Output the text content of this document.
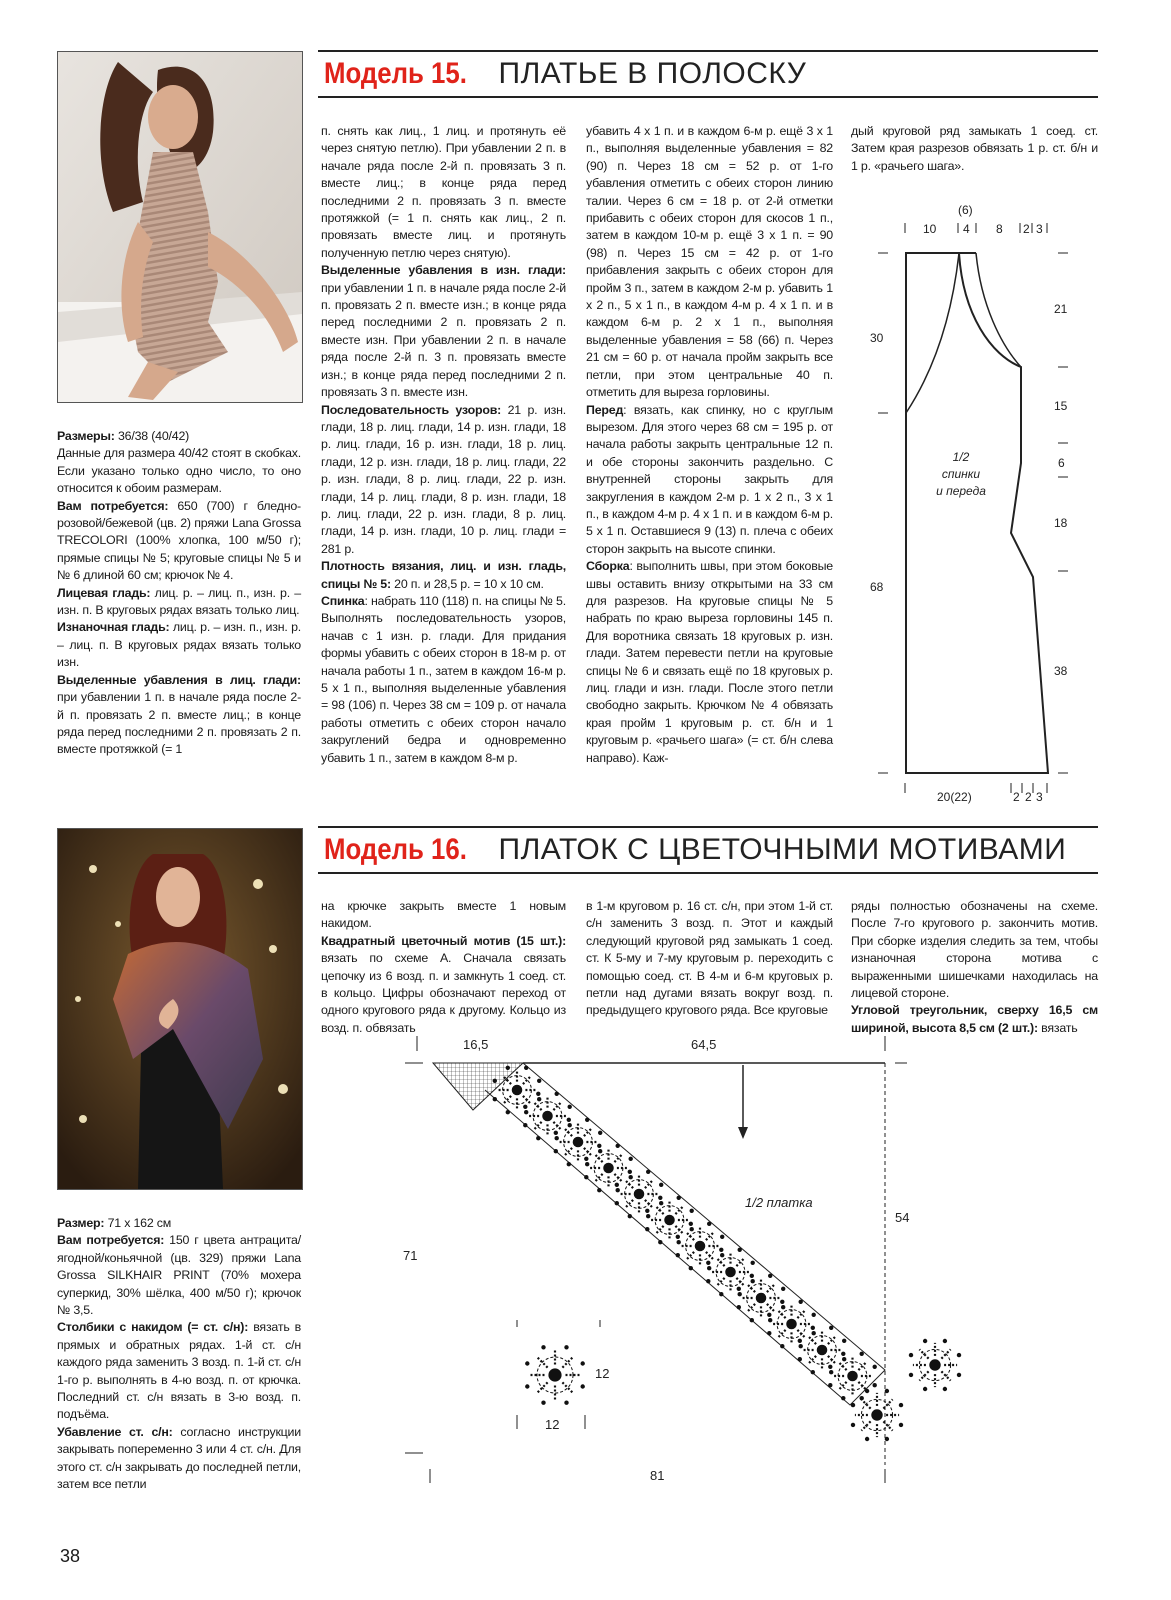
Модель 15. ПЛАТЬЕ В ПОЛОСКУ

Размеры: 36/38 (40/42)

Данные для размера 40/42 стоят в скобках. Если указано только одно число, то оно относится к обоим размерам.

Вам потребуется: 650 (700) г бледно-розовой/бежевой (цв. 2) пряжи Lana Grossa TRECOLORI (100% хлопка, 100 м/50 г); прямые спицы № 5; круговые спицы № 5 и № 6 длиной 60 см; крючок № 4.

Лицевая гладь: лиц. р. – лиц. п., изн. р. – изн. п. В круговых рядах вязать только лиц.

Изнаночная гладь: лиц. р. – изн. п., изн. р. – лиц. п. В круговых рядах вязать только изн.

Выделенные убавления в лиц. глади: при убавлении 1 п. в начале ряда после 2-й п. провязать 2 п. вместе лиц.; в конце ряда перед последними 2 п. провязать 2 п. вместе протяжкой (= 1

п. снять как лиц., 1 лиц. и протянуть её через снятую петлю). При убавлении 2 п. в начале ряда после 2-й п. провязать 3 п. вместе лиц.; в конце ряда перед последними 2 п. провязать 3 п. вместе протяжкой (= 1 п. снять как лиц., 2 п. провязать вместе лиц. и протянуть полученную петлю через снятую).

Выделенные убавления в изн. глади: при убавлении 1 п. в начале ряда после 2-й п. провязать 2 п. вместе изн.; в конце ряда перед последними 2 п. провязать 2 п. вместе изн. При убавлении 2 п. в начале ряда после 2-й п. 3 п. провязать вместе изн.; в конце ряда перед последними 2 п. провязать 3 п. вместе изн.

Последовательность узоров: 21 р. изн. глади, 18 р. лиц. глади, 14 р. изн. глади, 18 р. лиц. глади, 16 р. изн. глади, 18 р. лиц. глади, 12 р. изн. глади, 18 р. лиц. глади, 22 р. изн. глади, 8 р. лиц. глади, 22 р. изн. глади, 14 р. лиц. глади, 8 р. изн. глади, 18 р. лиц. глади, 22 р. изн. глади, 8 р. лиц. глади, 14 р. изн. глади, 10 р. лиц. глади = 281 р.

Плотность вязания, лиц. и изн. гладь, спицы № 5: 20 п. и 28,5 р. = 10 х 10 см.

Спинка: набрать 110 (118) п. на спицы № 5. Выполнять последовательность узоров, начав с 1 изн. р. глади. Для придания формы убавить с обеих сторон в 18-м р. от начала работы 1 п., затем в каждом 16-м р. 5 х 1 п., выполняя выделенные убавления = 98 (106) п. Через 38 см = 109 р. от начала работы отметить с обеих сторон начало закруглений бедра и одновременно убавить 1 п., затем в каждом 8-м р.

убавить 4 х 1 п. и в каждом 6-м р. ещё 3 х 1 п., выполняя выделенные убавления = 82 (90) п. Через 18 см = 52 р. от 1-го убавления отметить с обеих сторон линию талии. Через 6 см = 18 р. от 2-й отметки прибавить с обеих сторон для скосов 1 п., затем в каждом 10-м р. ещё 3 х 1 п. = 90 (98) п. Через 15 см = 42 р. от 1-го прибавления закрыть с обеих сторон для пройм 3 п., затем в каждом 2-м р. убавить 1 х 2 п., 5 х 1 п., в каждом 4-м р. 4 х 1 п. и в каждом 6-м р. 2 х 1 п., выполняя выделенные убавления = 58 (66) п. Через 21 см = 60 р. от начала пройм закрыть все петли, при этом центральные 40 п. отметить для выреза горловины.

Перед: вязать, как спинку, но с круглым вырезом. Для этого через 68 см = 195 р. от начала работы закрыть центральные 12 п. и обе стороны закончить раздельно. С внутренней стороны закрыть для закругления в каждом 2-м р. 1 х 2 п., 3 х 1 п., в каждом 4-м р. 4 х 1 п. и в каждом 6-м р. 5 х 1 п. Оставшиеся 9 (13) п. плеча с обеих сторон закрыть на высоте спинки.

Сборка: выполнить швы, при этом боковые швы оставить внизу открытыми на 33 см для разрезов. На круговые спицы № 5 набрать по краю выреза горловины 145 п. Для воротника связать 18 круговых р. изн. глади. Затем перевести петли на круговые спицы № 6 и связать ещё по 18 круговых р. лиц. глади и изн. глади. После этого петли свободно закрыть. Крючком № 4 обвязать края пройм 1 круговым р. ст. б/н и 1 круговым р. «рачьего шага» (= ст. б/н слева направо). Каж-

дый круговой ряд замыкать 1 соед. ст. Затем края разрезов обвязать 1 р. ст. б/н и 1 р. «рачьего шага».

(6)
10 4 8 2 3
30
68
21
15
6
18
38
20(22)	2 2 3
1/2
спинки
и переда
Модель 16. ПЛАТОК С ЦВЕТОЧНЫМИ МОТИВАМИ

Размер: 71 х 162 см

Вам потребуется: 150 г цвета антрацита/ягодной/коньячной (цв. 329) пряжи Lana Grossa SILKHAIR PRINT (70% мохера суперкид, 30% шёлка, 400 м/50 г); крючок № 3,5.

Столбики с накидом (= ст. с/н): вязать в прямых и обратных рядах. 1-й ст. с/н каждого ряда заменить 3 возд. п. 1-й ст. с/н 1-го р. выполнять в 4-ю возд. п. от крючка. Последний ст. с/н вязать в 3-ю возд. п. подъёма.

Убавление ст. с/н: согласно инструкции закрывать попеременно 3 или 4 ст. с/н. Для этого ст. с/н закрывать до последней петли, затем все петли

на крючке закрыть вместе 1 новым накидом.

Квадратный цветочный мотив (15 шт.): вязать по схеме А. Сначала связать цепочку из 6 возд. п. и замкнуть 1 соед. ст. в кольцо. Цифры обозначают переход от одного кругового ряда к другому. Кольцо из возд. п. обвязать

в 1-м круговом р. 16 ст. с/н, при этом 1-й ст. с/н заменить 3 возд. п. Этот и каждый следующий круговой ряд замыкать 1 соед. ст. К 5-му и 7-му круговым р. переходить с помощью соед. ст. В 4-м и 6-м круговых р. петли над дугами вязать вокруг возд. п. предыдущего кругового ряда. Все круговые

ряды полностью обозначены на схеме. После 7-го кругового р. закончить мотив. При сборке изделия следить за тем, чтобы изнаночная сторона мотива с выраженными шишечками находилась на лицевой стороне.

Угловой треугольник, сверху 16,5 см шириной, высота 8,5 см (2 шт.): вязать

16,5	64,5
71
54
12
12
81
1/2 платка
38
